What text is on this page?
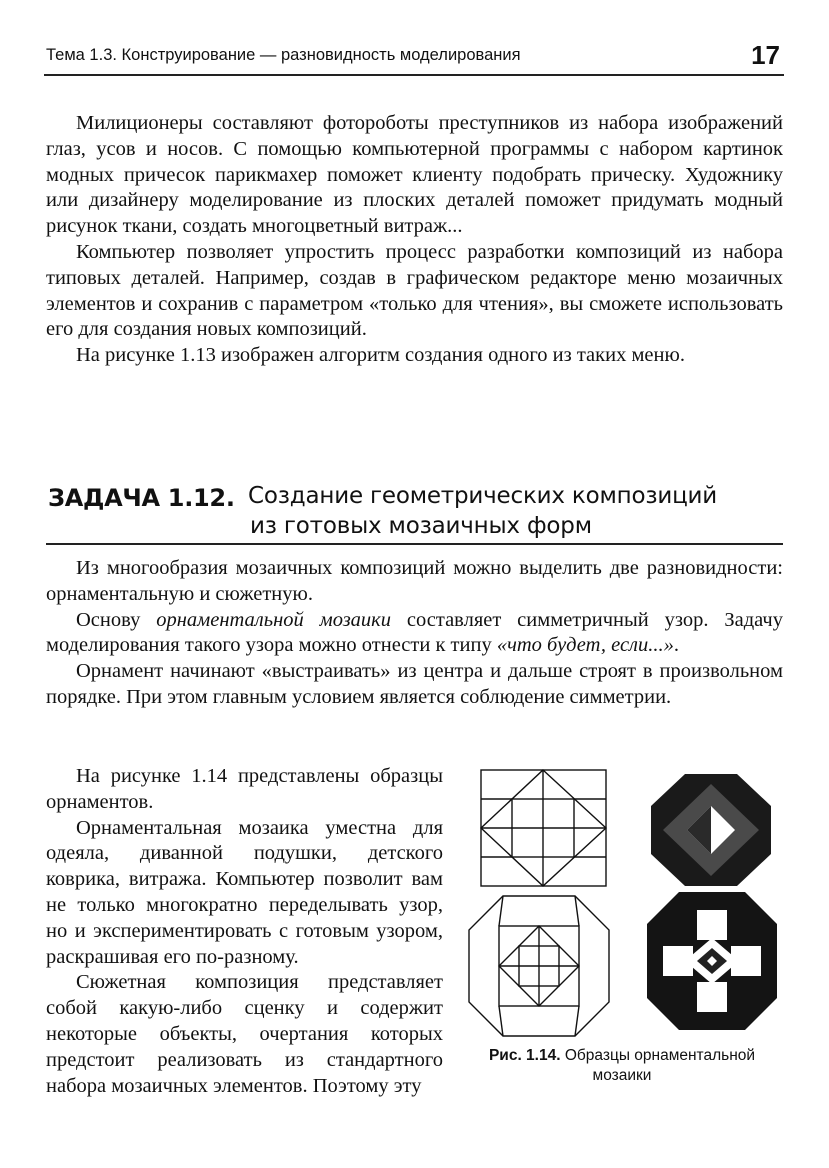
Тема 1.3. Конструирование — разновидность моделирования	17

Милиционеры составляют фотороботы преступников из набора изображений глаз, усов и носов. С помощью компьютерной программы с набором картинок модных причесок парикмахер поможет клиенту подобрать прическу. Художнику или дизайнеру моделирование из плоских деталей поможет придумать модный рисунок ткани, создать многоцветный витраж...

Компьютер позволяет упростить процесс разработки композиций из набора типовых деталей. Например, создав в графическом редакторе меню мозаичных элементов и сохранив с параметром «только для чтения», вы сможете использовать его для создания новых композиций.

На рисунке 1.13 изображен алгоритм создания одного из таких меню.

ЗАДАЧА 1.12. Создание геометрических композиций
из готовых мозаичных форм

Из многообразия мозаичных композиций можно выделить две разновидности: орнаментальную и сюжетную.

Основу орнаментальной мозаики составляет симметричный узор. Задачу моделирования такого узора можно отнести к типу «что будет, если...».

Орнамент начинают «выстраивать» из центра и дальше строят в произвольном порядке. При этом главным условием является соблюдение симметрии.

На рисунке 1.14 представлены образцы орнаментов.

Орнаментальная мозаика уместна для одеяла, диванной подушки, детского коврика, витража. Компьютер позволит вам не только многократно переделывать узор, но и экспериментировать с готовым узором, раскрашивая его по-разному.

Сюжетная композиция представляет собой какую-либо сценку и содержит некоторые объекты, очертания которых предстоит реализовать из стандартного набора мозаичных элементов. Поэтому эту

Рис. 1.14. Образцы орнаментальной мозаики
